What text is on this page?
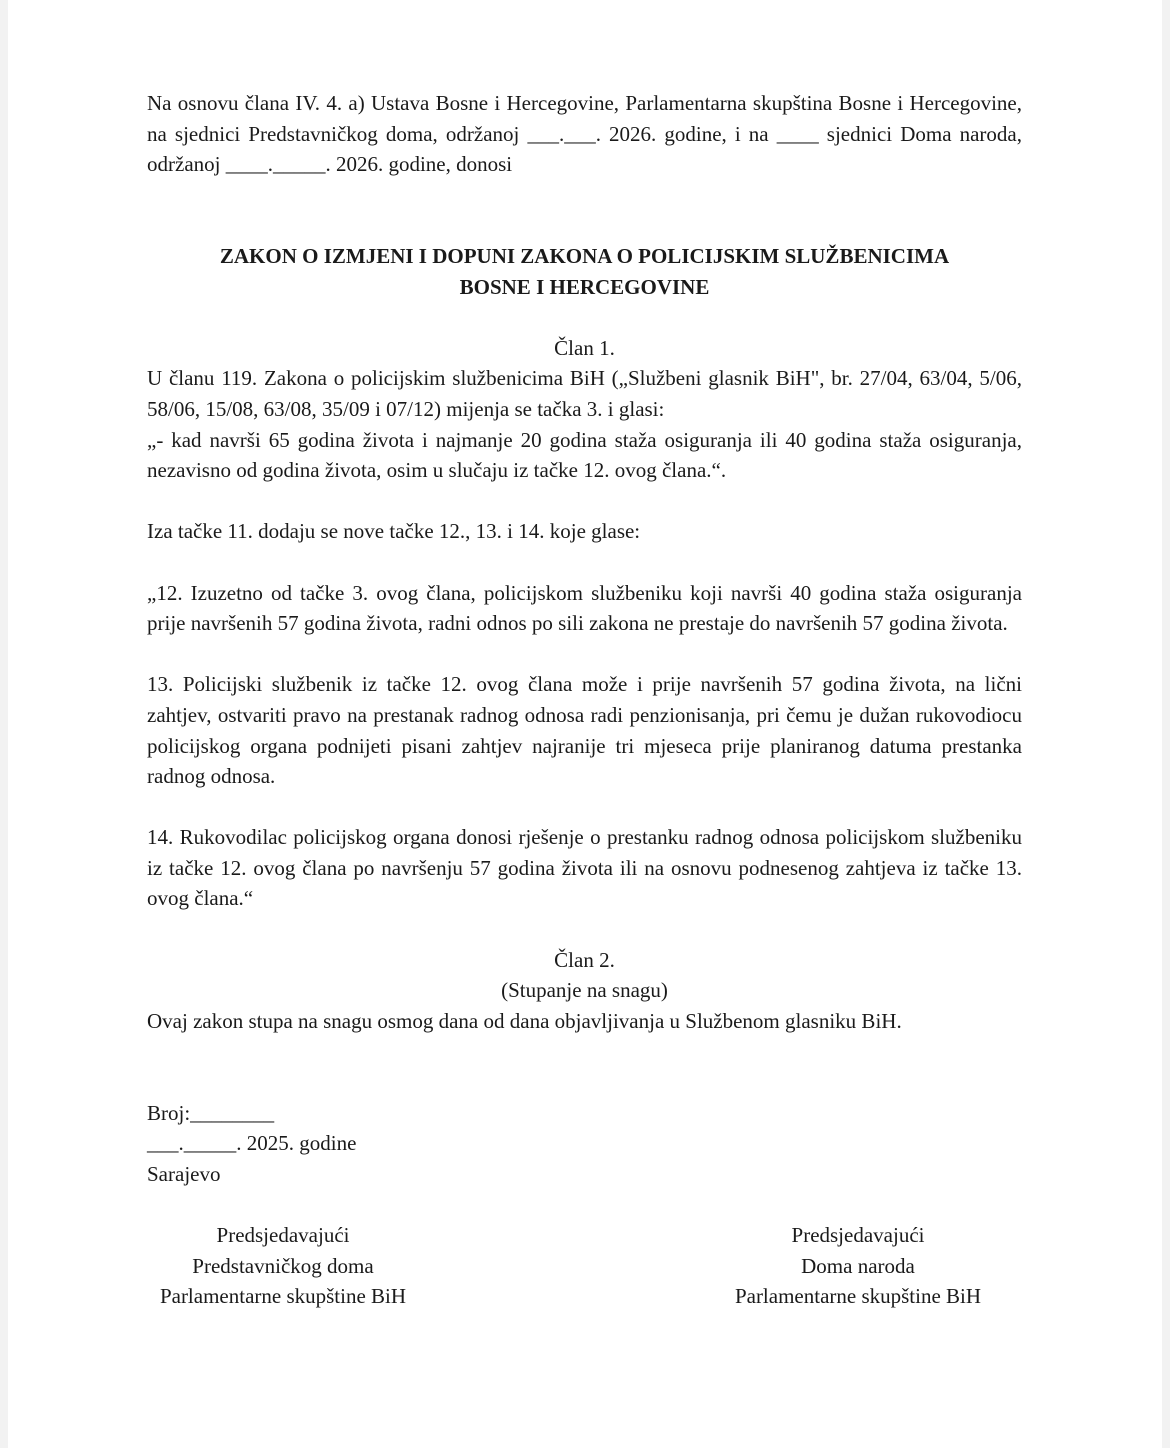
Na osnovu člana IV. 4. a) Ustava Bosne i Hercegovine, Parlamentarna skupština Bosne i Hercegovine, na sjednici Predstavničkog doma, održanoj ___.___. 2026. godine, i na ____ sjednici Doma naroda, održanoj ____._____. 2026. godine, donosi

ZAKON O IZMJENI I DOPUNI ZAKONA O POLICIJSKIM SLUŽBENICIMA

BOSNE I HERCEGOVINE

Član 1.

U članu 119. Zakona o policijskim službenicima BiH („Službeni glasnik BiH", br. 27/04, 63/04, 5/06, 58/06, 15/08, 63/08, 35/09 i 07/12) mijenja se tačka 3. i glasi:

„- kad navrši 65 godina života i najmanje 20 godina staža osiguranja ili 40 godina staža osiguranja, nezavisno od godina života, osim u slučaju iz tačke 12. ovog člana.“.

Iza tačke 11. dodaju se nove tačke 12., 13. i 14. koje glase:

„12. Izuzetno od tačke 3. ovog člana, policijskom službeniku koji navrši 40 godina staža osiguranja prije navršenih 57 godina života, radni odnos po sili zakona ne prestaje do navršenih 57 godina života.

13. Policijski službenik iz tačke 12. ovog člana može i prije navršenih 57 godina života, na lični zahtjev, ostvariti pravo na prestanak radnog odnosa radi penzionisanja, pri čemu je dužan rukovodiocu policijskog organa podnijeti pisani zahtjev najranije tri mjeseca prije planiranog datuma prestanka radnog odnosa.

14. Rukovodilac policijskog organa donosi rješenje o prestanku radnog odnosa policijskom službeniku iz tačke 12. ovog člana po navršenju 57 godina života ili na osnovu podnesenog zahtjeva iz tačke 13. ovog člana.“

Član 2.

(Stupanje na snagu)

Ovaj zakon stupa na snagu osmog dana od dana objavljivanja u Službenom glasniku BiH.

Broj:________

___._____. 2025. godine

Sarajevo

Predsjedavajući
Predstavničkog doma
Parlamentarne skupštine BiH
Predsjedavajući
Doma naroda
Parlamentarne skupštine BiH
